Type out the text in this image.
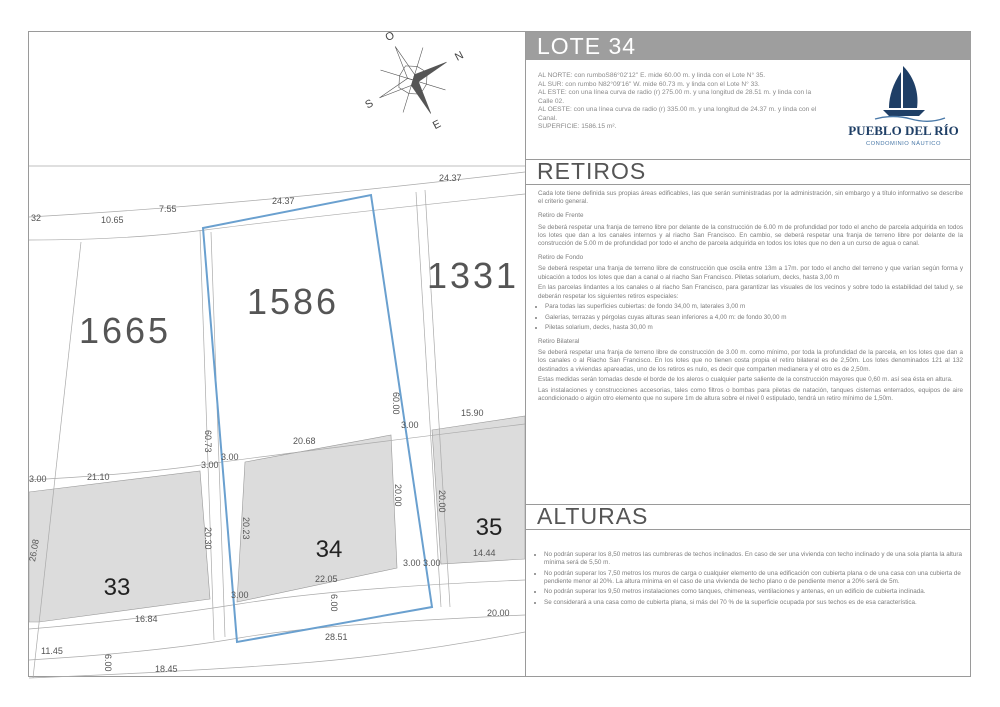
N
S
E
O
1665
1586
1331
33
34
35
32	10.65
7.55
24.37
24.37
60.73
60.00	15.90
3.00
3.00
3.00
20.68
21.10
3.00
20.30	20.23
20.00	20.00
3.00
14.44
3.00
22.05
6.00
3.00
26.08
16.84
11.45
6.00
28.51
20.00
18.45
LOTE 34
AL NORTE: con rumboS86°02'12'' E. mide 60.00 m. y linda con el Lote N° 35.
AL SUR: con rumbo N82°09'16'' W. mide 60.73 m. y linda con el Lote N° 33.
AL ESTE: con una línea curva de radio (r) 275.00 m. y una longitud de 28.51 m. y linda con la Calle 02.
AL OESTE: con una línea curva de radio (r) 335.00 m. y una longitud de 24.37 m. y linda con el Canal.
SUPERFICIE: 1586.15 m².	PUEBLO DEL RÍO
CONDOMINIO NÁUTICO
RETIROS

Cada lote tiene definida sus propias áreas edificables, las que serán suministradas por la administración, sin embargo y a título informativo se describe el criterio general.

Retiro de Frente

Se deberá respetar una franja de terreno libre por delante de la construcción de 6.00 m de profundidad por todo el ancho de parcela adquirida en todos los lotes que dan a los canales internos y al riacho San Francisco. En cambio, se deberá respetar una franja de terreno libre por delante de la construcción de 5.00 m de profundidad por todo el ancho de parcela adquirida en todos los lotes que no den a un curso de agua o canal.

Retiro de Fondo

Se deberá respetar una franja de terreno libre de construcción que oscila entre 13m a 17m. por todo el ancho del terreno y que varían según forma y ubicación a todos los lotes que dan a canal o al riacho San Francisco. Piletas solarium, decks, hasta 3,00 m

En las parcelas lindantes a los canales o al riacho San Francisco, para garantizar las visuales de los vecinos y sobre todo la estabilidad del talud y, se deberán respetar los siguientes retiros especiales:

• Para todas las superficies cubiertas: de fondo 34,00 m, laterales 3,00 m
• Galerías, terrazas y pérgolas cuyas alturas sean inferiores a 4,00 m: de fondo 30,00 m
• Piletas solarium, decks, hasta 30,00 m

Retiro Bilateral

Se deberá respetar una franja de terreno libre de construcción de 3.00 m. como mínimo, por toda la profundidad de la parcela, en los lotes que dan a los canales o al Riacho San Francisco. En los lotes que no tienen costa propia el retiro bilateral es de 2,50m. Los lotes denominados 121 al 132 destinados a viviendas apareadas, uno de los retiros es nulo, es decir que comparten medianera y el otro es de 2,50m.

Estas medidas serán tomadas desde el borde de los aleros o cualquier parte saliente de la construcción mayores que 0,60 m. así sea ésta en altura.

Las instalaciones y construcciones accesorias, tales como filtros o bombas para piletas de natación, tanques cisternas enterrados, equipos de aire acondicionado o algún otro elemento que no supere 1m de altura sobre el nivel 0 estipulado, tendrá un retiro mínimo de 1,50m.

ALTURAS
• No podrán superar los 8,50 metros las cumbreras de techos inclinados. En caso de ser una vivienda con techo inclinado y de una sola planta la altura mínima será de 5,50 m.
• No podrán superar los 7,50 metros los muros de carga o cualquier elemento de una edificación con cubierta plana o de una casa con una cubierta de pendiente menor al 20%. La altura mínima en el caso de una vivienda de techo plano o de pendiente menor a 20% será de 5m.
• No podrán superar los 9,50 metros instalaciones como tanques, chimeneas, ventilaciones y antenas, en un edificio de cubierta inclinada.
• Se considerará a una casa como de cubierta plana, si más del 70 % de la superficie ocupada por sus techos es de esa característica.
